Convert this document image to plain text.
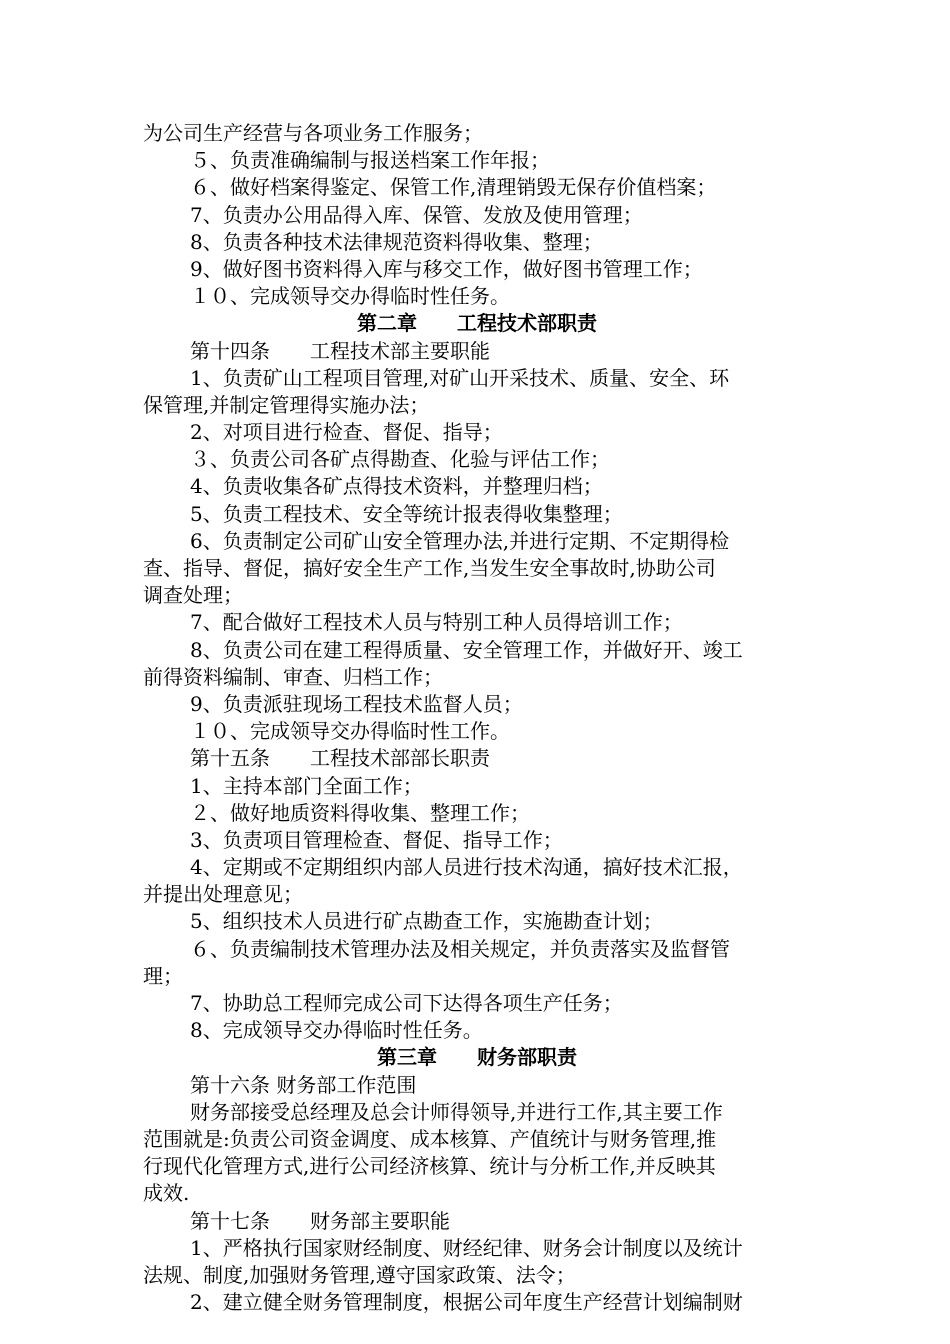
为公司生产经营与各项业务工作服务；
５、负责准确编制与报送档案工作年报；
６、做好档案得鉴定、保管工作,清理销毁无保存价值档案；
7、负责办公用品得入库、保管、发放及使用管理；
8、负责各种技术法律规范资料得收集、整理；
9、做好图书资料得入库与移交工作，做好图书管理工作；
１０、完成领导交办得临时性任务。
第二章　　工程技术部职责
第十四条　　工程技术部主要职能
1、负责矿山工程项目管理,对矿山开采技术、质量、安全、环
保管理,并制定管理得实施办法；
2、对项目进行检查、督促、指导；
３、负责公司各矿点得勘查、化验与评估工作；
4、负责收集各矿点得技术资料，并整理归档；
5、负责工程技术、安全等统计报表得收集整理；
6、负责制定公司矿山安全管理办法,并进行定期、不定期得检
查、指导、督促，搞好安全生产工作,当发生安全事故时,协助公司
调查处理；
7、配合做好工程技术人员与特别工种人员得培训工作；
8、负责公司在建工程得质量、安全管理工作，并做好开、竣工
前得资料编制、审查、归档工作；
9、负责派驻现场工程技术监督人员；
１０、完成领导交办得临时性工作。
第十五条　　工程技术部部长职责
1、主持本部门全面工作；
２、做好地质资料得收集、整理工作；
3、负责项目管理检查、督促、指导工作；
4、定期或不定期组织内部人员进行技术沟通，搞好技术汇报，
并提出处理意见；
5、组织技术人员进行矿点勘查工作，实施勘查计划；
６、负责编制技术管理办法及相关规定，并负责落实及监督管
理；
7、协助总工程师完成公司下达得各项生产任务；
8、完成领导交办得临时性任务。
第三章　　财务部职责
第十六条 财务部工作范围
财务部接受总经理及总会计师得领导,并进行工作,其主要工作
范围就是:负责公司资金调度、成本核算、产值统计与财务管理,推
行现代化管理方式,进行公司经济核算、统计与分析工作,并反映其
成效.
第十七条　　财务部主要职能
1、严格执行国家财经制度、财经纪律、财务会计制度以及统计
法规、制度,加强财务管理,遵守国家政策、法令；
2、建立健全财务管理制度，根据公司年度生产经营计划编制财
